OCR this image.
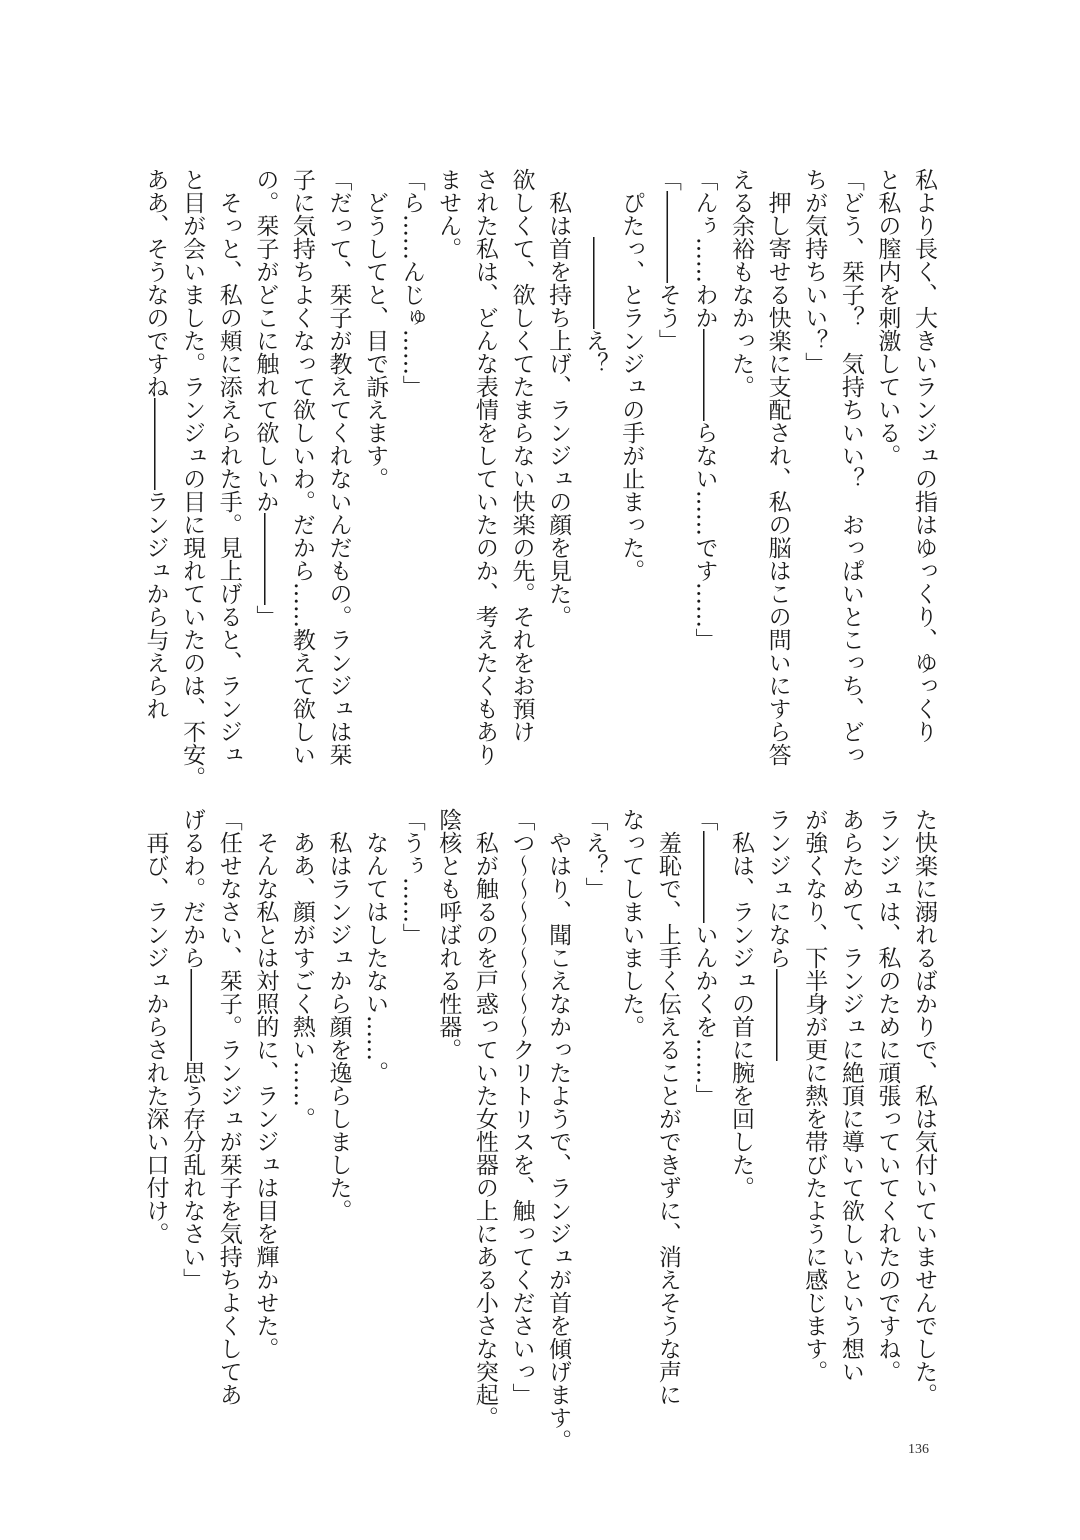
私より長く、大きいランジュの指はゆっくり、ゆっくり

と私の膣内を刺激している。

「どう、栞子？　気持ちいい？　おっぱいとこっち、どっ

ちが気持ちいい？」

　押し寄せる快楽に支配され、私の脳はこの問いにすら答

える余裕もなかった。

「んぅ……わか――――らない……です……」

「――――そう」

　ぴたっ、とランジュの手が止まった。

　　　――――え？

　私は首を持ち上げ、ランジュの顔を見た。

欲しくて、欲しくてたまらない快楽の先。それをお預け

された私は、どんな表情をしていたのか、考えたくもあり

ません。

「ら……んじゅ……」

　どうしてと、目で訴えます。

「だって、栞子が教えてくれないんだもの。ランジュは栞

子に気持ちよくなって欲しいわ。だから……教えて欲しい

の。栞子がどこに触れて欲しいか――――」

　そっと、私の頬に添えられた手。見上げると、ランジュ

と目が会いました。ランジュの目に現れていたのは、不安。

ああ、そうなのですね――――ランジュから与えられ

た快楽に溺れるばかりで、私は気付いていませんでした。

ランジュは、私のために頑張っていてくれたのですね。

あらためて、ランジュに絶頂に導いて欲しいという想い

が強くなり、下半身が更に熱を帯びたように感じます。

ランジュになら――――

　私は、ランジュの首に腕を回した。

「――――いんかくを……」

　羞恥で、上手く伝えることができずに、消えそうな声に

なってしまいました。

「え？」

　やはり、聞こえなかったようで、ランジュが首を傾げます。

「つ～～～～～～～～クリトリスを、触ってくださいっ」

　私が触るのを戸惑っていた女性器の上にある小さな突起。

陰核とも呼ばれる性器。

「うぅ……」

　なんてはしたない……。

　私はランジュから顔を逸らしました。

　ああ、顔がすごく熱い……。

　そんな私とは対照的に、ランジュは目を輝かせた。

「任せなさい、栞子。ランジュが栞子を気持ちよくしてあ

げるわ。だから――――思う存分乱れなさい」

　再び、ランジュからされた深い口付け。

136
